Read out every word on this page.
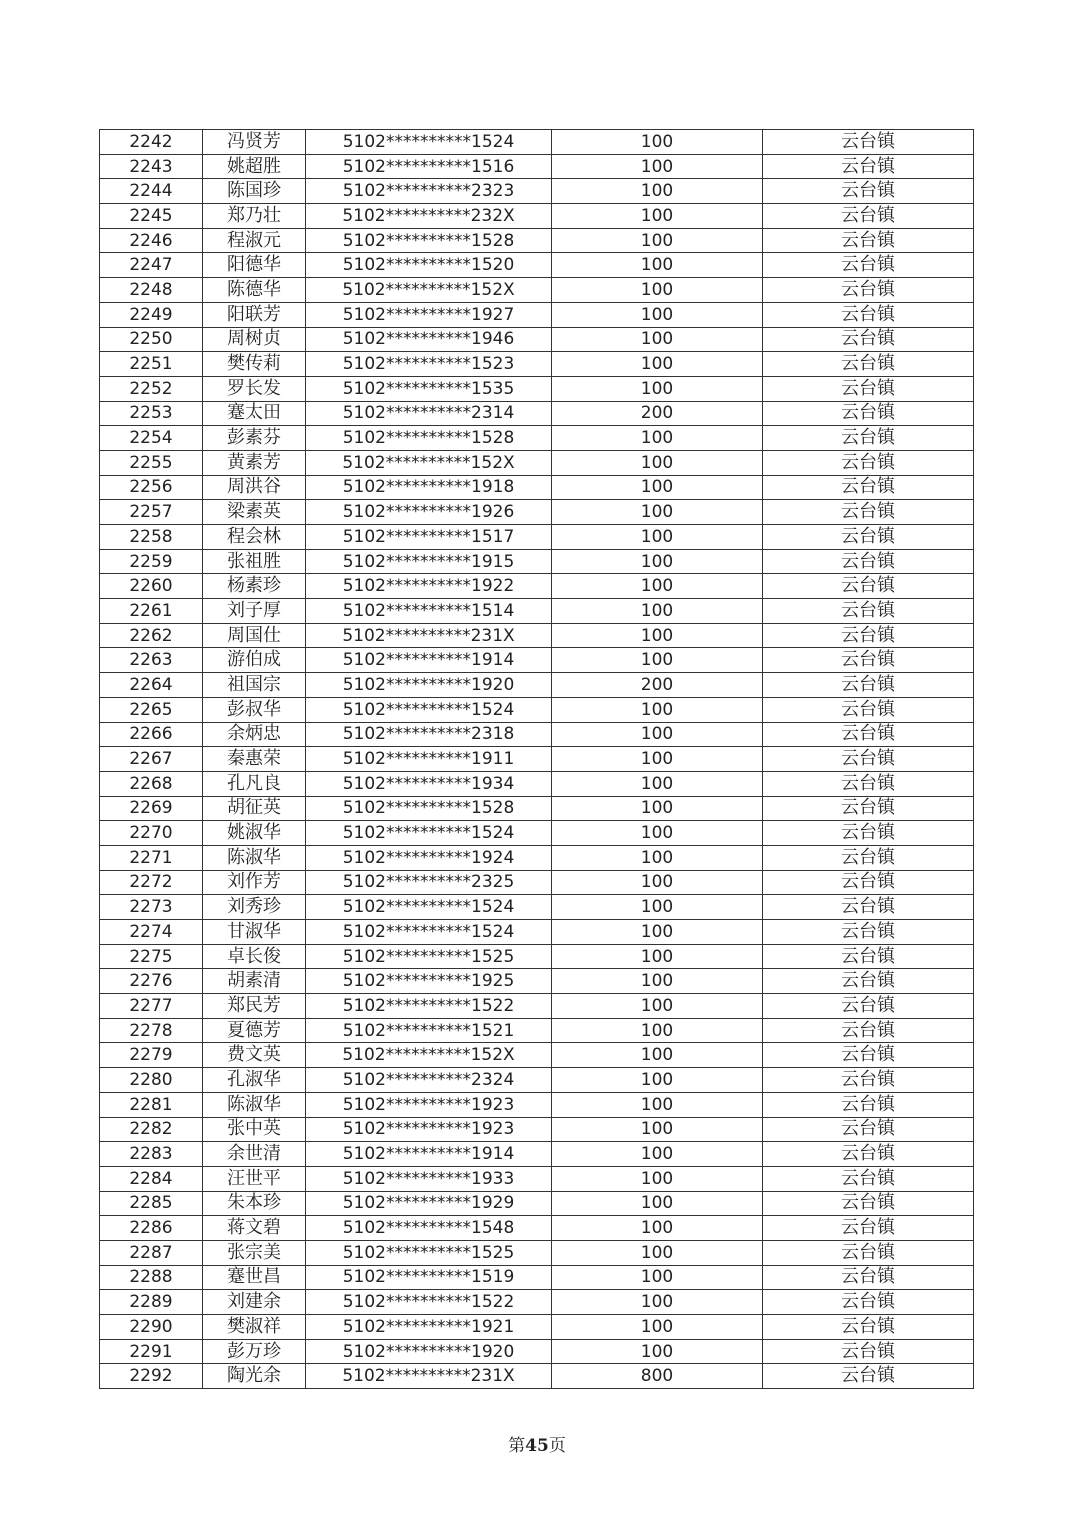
2242	冯贤芳	5102**********1524	100	云台镇
2243	姚超胜	5102**********1516	100	云台镇
2244	陈国珍	5102**********2323	100	云台镇
2245	郑乃壮	5102**********232X	100	云台镇
2246	程淑元	5102**********1528	100	云台镇
2247	阳德华	5102**********1520	100	云台镇
2248	陈德华	5102**********152X	100	云台镇
2249	阳联芳	5102**********1927	100	云台镇
2250	周树贞	5102**********1946	100	云台镇
2251	樊传莉	5102**********1523	100	云台镇
2252	罗长发	5102**********1535	100	云台镇
2253	蹇太田	5102**********2314	200	云台镇
2254	彭素芬	5102**********1528	100	云台镇
2255	黄素芳	5102**********152X	100	云台镇
2256	周洪谷	5102**********1918	100	云台镇
2257	梁素英	5102**********1926	100	云台镇
2258	程会林	5102**********1517	100	云台镇
2259	张祖胜	5102**********1915	100	云台镇
2260	杨素珍	5102**********1922	100	云台镇
2261	刘子厚	5102**********1514	100	云台镇
2262	周国仕	5102**********231X	100	云台镇
2263	游伯成	5102**********1914	100	云台镇
2264	祖国宗	5102**********1920	200	云台镇
2265	彭叔华	5102**********1524	100	云台镇
2266	余炳忠	5102**********2318	100	云台镇
2267	秦惠荣	5102**********1911	100	云台镇
2268	孔凡良	5102**********1934	100	云台镇
2269	胡征英	5102**********1528	100	云台镇
2270	姚淑华	5102**********1524	100	云台镇
2271	陈淑华	5102**********1924	100	云台镇
2272	刘作芳	5102**********2325	100	云台镇
2273	刘秀珍	5102**********1524	100	云台镇
2274	甘淑华	5102**********1524	100	云台镇
2275	卓长俊	5102**********1525	100	云台镇
2276	胡素清	5102**********1925	100	云台镇
2277	郑民芳	5102**********1522	100	云台镇
2278	夏德芳	5102**********1521	100	云台镇
2279	费文英	5102**********152X	100	云台镇
2280	孔淑华	5102**********2324	100	云台镇
2281	陈淑华	5102**********1923	100	云台镇
2282	张中英	5102**********1923	100	云台镇
2283	余世清	5102**********1914	100	云台镇
2284	汪世平	5102**********1933	100	云台镇
2285	朱本珍	5102**********1929	100	云台镇
2286	蒋文碧	5102**********1548	100	云台镇
2287	张宗美	5102**********1525	100	云台镇
2288	蹇世昌	5102**********1519	100	云台镇
2289	刘建余	5102**********1522	100	云台镇
2290	樊淑祥	5102**********1921	100	云台镇
2291	彭万珍	5102**********1920	100	云台镇
2292	陶光余	5102**********231X	800	云台镇
第45页
